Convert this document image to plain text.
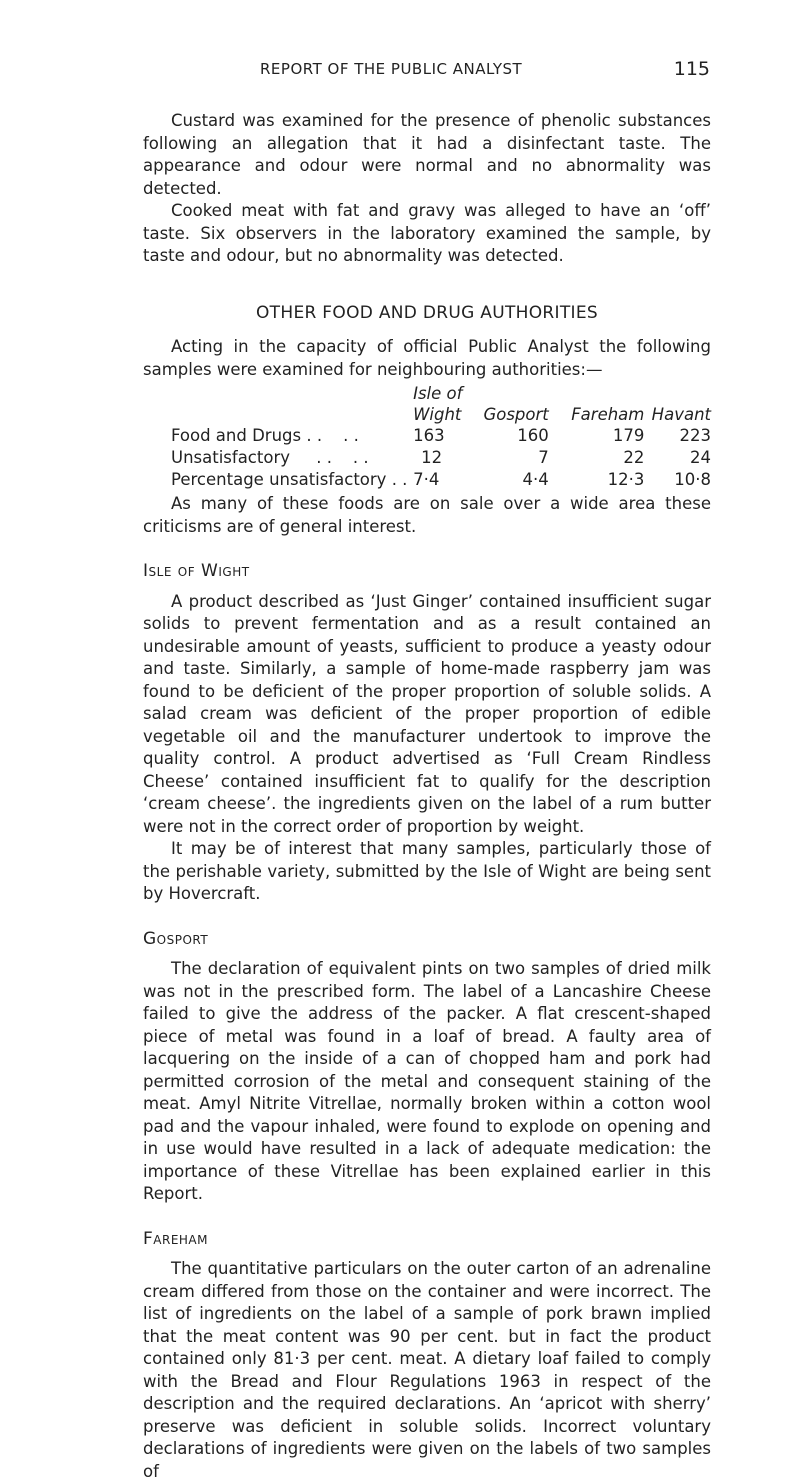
REPORT OF THE PUBLIC ANALYST	115

Custard was examined for the presence of phenolic substances following an allegation that it had a disinfectant taste. The appearance and odour were normal and no abnormality was detected.

Cooked meat with fat and gravy was alleged to have an ‘off’ taste. Six observers in the laboratory examined the sample, by taste and odour, but no abnormality was detected.

OTHER FOOD AND DRUG AUTHORITIES

Acting in the capacity of official Public Analyst the following samples were examined for neighbouring authorities:—

	Isle of
Wight	Gosport	Fareham	Havant
Food and Drugs . .    . .	163	160	179	223
Unsatisfactory     . .    . .	12	7	22	24
Percentage unsatisfactory . .	7·4	4·4	12·3	10·8

As many of these foods are on sale over a wide area these criticisms are of general interest.

Isle of Wight

A product described as ‘Just Ginger’ contained insufficient sugar solids to prevent fermentation and as a result contained an undesirable amount of yeasts, sufficient to produce a yeasty odour and taste. Similarly, a sample of home-made raspberry jam was found to be deficient of the proper proportion of soluble solids. A salad cream was deficient of the proper proportion of edible vegetable oil and the manufacturer undertook to improve the quality control. A product advertised as ‘Full Cream Rindless Cheese’ contained insufficient fat to qualify for the description ‘cream cheese’. the ingredients given on the label of a rum butter were not in the correct order of proportion by weight.

It may be of interest that many samples, particularly those of the perishable variety, submitted by the Isle of Wight are being sent by Hovercraft.

Gosport

The declaration of equivalent pints on two samples of dried milk was not in the prescribed form. The label of a Lancashire Cheese failed to give the address of the packer. A flat crescent-shaped piece of metal was found in a loaf of bread. A faulty area of lacquering on the inside of a can of chopped ham and pork had permitted corrosion of the metal and consequent staining of the meat. Amyl Nitrite Vitrellae, normally broken within a cotton wool pad and the vapour inhaled, were found to explode on opening and in use would have resulted in a lack of adequate medication: the importance of these Vitrellae has been explained earlier in this Report.

Fareham

The quantitative particulars on the outer carton of an adrenaline cream differed from those on the container and were incorrect. The list of ingredients on the label of a sample of pork brawn implied that the meat content was 90 per cent. but in fact the product contained only 81·3 per cent. meat. A dietary loaf failed to comply with the Bread and Flour Regulations 1963 in respect of the description and the required declarations. An ‘apricot with sherry’ preserve was deficient in soluble solids. Incorrect voluntary declarations of ingredients were given on the labels of two samples of
